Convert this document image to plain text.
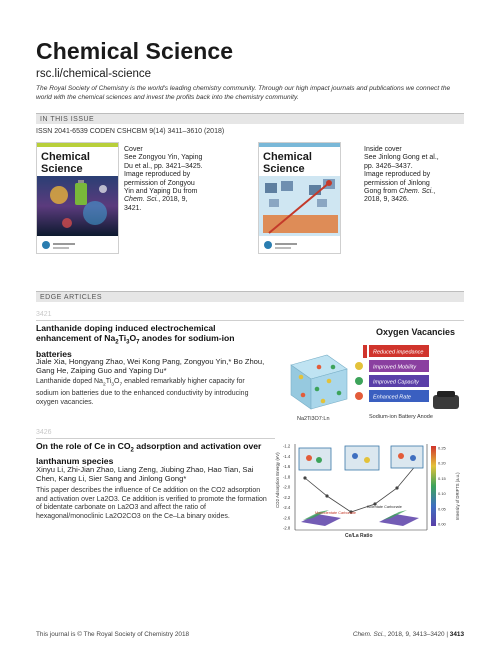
Chemical Science
rsc.li/chemical-science
The Royal Society of Chemistry is the world's leading chemistry community. Through our high impact journals and publications we connect the world with the chemical sciences and invest the profits back into the chemistry community.
IN THIS ISSUE
ISSN 2041-6539 CODEN CSHCBM 9(14) 3411–3610 (2018)
Chemical
Science
Cover
See Zongyou Yin, Yaping Du et al., pp. 3421–3425.
Image reproduced by permission of Zongyou Yin and Yaping Du from Chem. Sci., 2018, 9, 3421.
Chemical
Science
Inside cover
See Jinlong Gong et al., pp. 3426–3437.
Image reproduced by permission of Jinlong Gong from Chem. Sci., 2018, 9, 3426.
EDGE ARTICLES
3421
Lanthanide doping induced electrochemical enhancement of $Na_2Ti_3O_7$ anodes for sodium-ion batteries
Jiale Xia, Hongyang Zhao, Wei Kong Pang, Zongyou Yin,* Bo Zhou, Gang He, Zaiping Guo and Yaping Du*
Lanthanide doped $Na_2Ti_3O_7$ enabled remarkably higher capacity for sodium ion batteries due to the enhanced conductivity by introducing oxygen vacancies.
Oxygen Vacancies
Na2Ti3O7:Ln
Reduced impedance
Improved Mobility
Improved Capacity
Enhanced Rate
Sodium-ion Battery Anode
3426
On the role of Ce in $CO_2$ adsorption and activation over lanthanum species
Xinyu Li, Zhi-Jian Zhao, Liang Zeng, Jiubing Zhao, Hao Tian, Sai Chen, Kang Li, Sier Sang and Jinlong Gong*
This paper describes the influence of Ce addition on the CO2 adsorption and activation over La2O3. Ce addition is verified to promote the formation of bidentate carbonate on La2O3 and affect the ratio of hexagonal/monoclinic La2O2CO3 on the Ce–La binary oxides.
-1.2
-1.4
-1.6
-1.8
-2.0
-2.2
-2.4
-2.6
-2.8
CO2 Adsorption Energy (eV)
Ce/La Ratio
Monodentate Carbonate
Bidentate Carbonate
0.25
0.20
0.15
0.10
0.05
0.00
Intensity of DRIFTS (a.u.)
This journal is © The Royal Society of Chemistry 2018	Chem. Sci., 2018, 9, 3413–3420 | 3413
